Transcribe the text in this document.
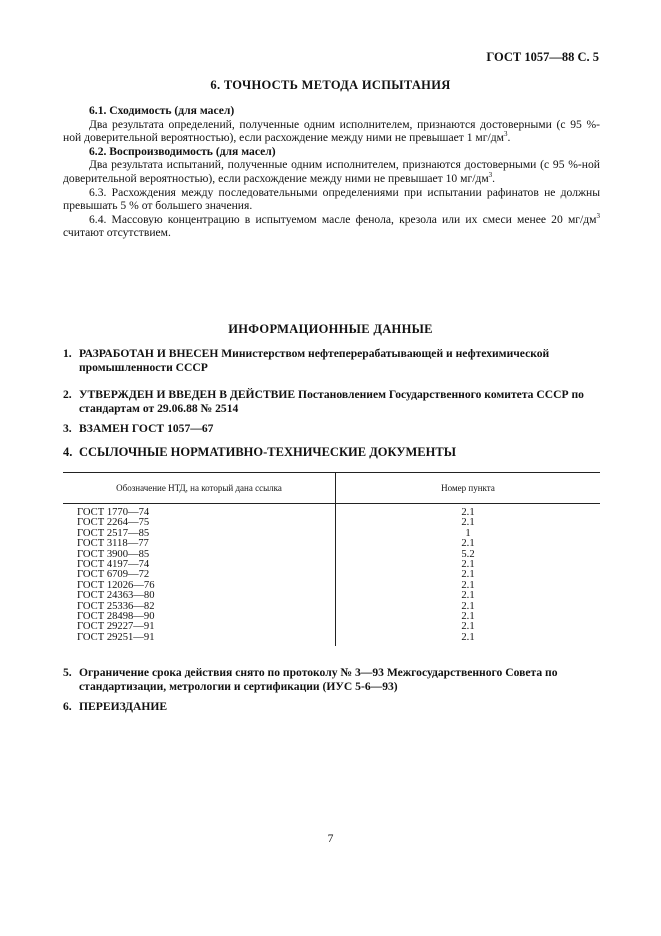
ГОСТ 1057—88 С. 5
6. ТОЧНОСТЬ МЕТОДА ИСПЫТАНИЯ
6.1. Сходимость (для масел)
Два результата определений, полученные одним исполнителем, признаются достоверными (с 95 %-ной доверительной вероятностью), если расхождение между ними не превышает 1 $мг/дм^3$.
6.2. Воспроизводимость (для масел)
Два результата испытаний, полученные одним исполнителем, признаются достоверными (с 95 %-ной доверительной вероятностью), если расхождение между ними не превышает 10 $мг/дм^3$.
6.3. Расхождения между последовательными определениями при испытании рафинатов не должны превышать 5 % от большего значения.
6.4. Массовую концентрацию в испытуемом масле фенола, крезола или их смеси менее 20 $мг/дм^3$ считают отсутствием.
ИНФОРМАЦИОННЫЕ ДАННЫЕ
1. РАЗРАБОТАН И ВНЕСЕН Министерством нефтеперерабатывающей и нефтехимической промышленности СССР
2. УТВЕРЖДЕН И ВВЕДЕН В ДЕЙСТВИЕ Постановлением Государственного комитета СССР по стандартам от 29.06.88 № 2514
3. ВЗАМЕН ГОСТ 1057—67
4. ССЫЛОЧНЫЕ НОРМАТИВНО-ТЕХНИЧЕСКИЕ ДОКУМЕНТЫ
Обозначение НТД, на который дана ссылка	Номер пункта
ГОСТ 1770—74	2.1
ГОСТ 2264—75	2.1
ГОСТ 2517—85	1
ГОСТ 3118—77	2.1
ГОСТ 3900—85	5.2
ГОСТ 4197—74	2.1
ГОСТ 6709—72	2.1
ГОСТ 12026—76	2.1
ГОСТ 24363—80	2.1
ГОСТ 25336—82	2.1
ГОСТ 28498—90	2.1
ГОСТ 29227—91	2.1
ГОСТ 29251—91	2.1
5. Ограничение срока действия снято по протоколу № 3—93 Межгосударственного Совета по стандартизации, метрологии и сертификации (ИУС 5-6—93)
6. ПЕРЕИЗДАНИЕ
7
